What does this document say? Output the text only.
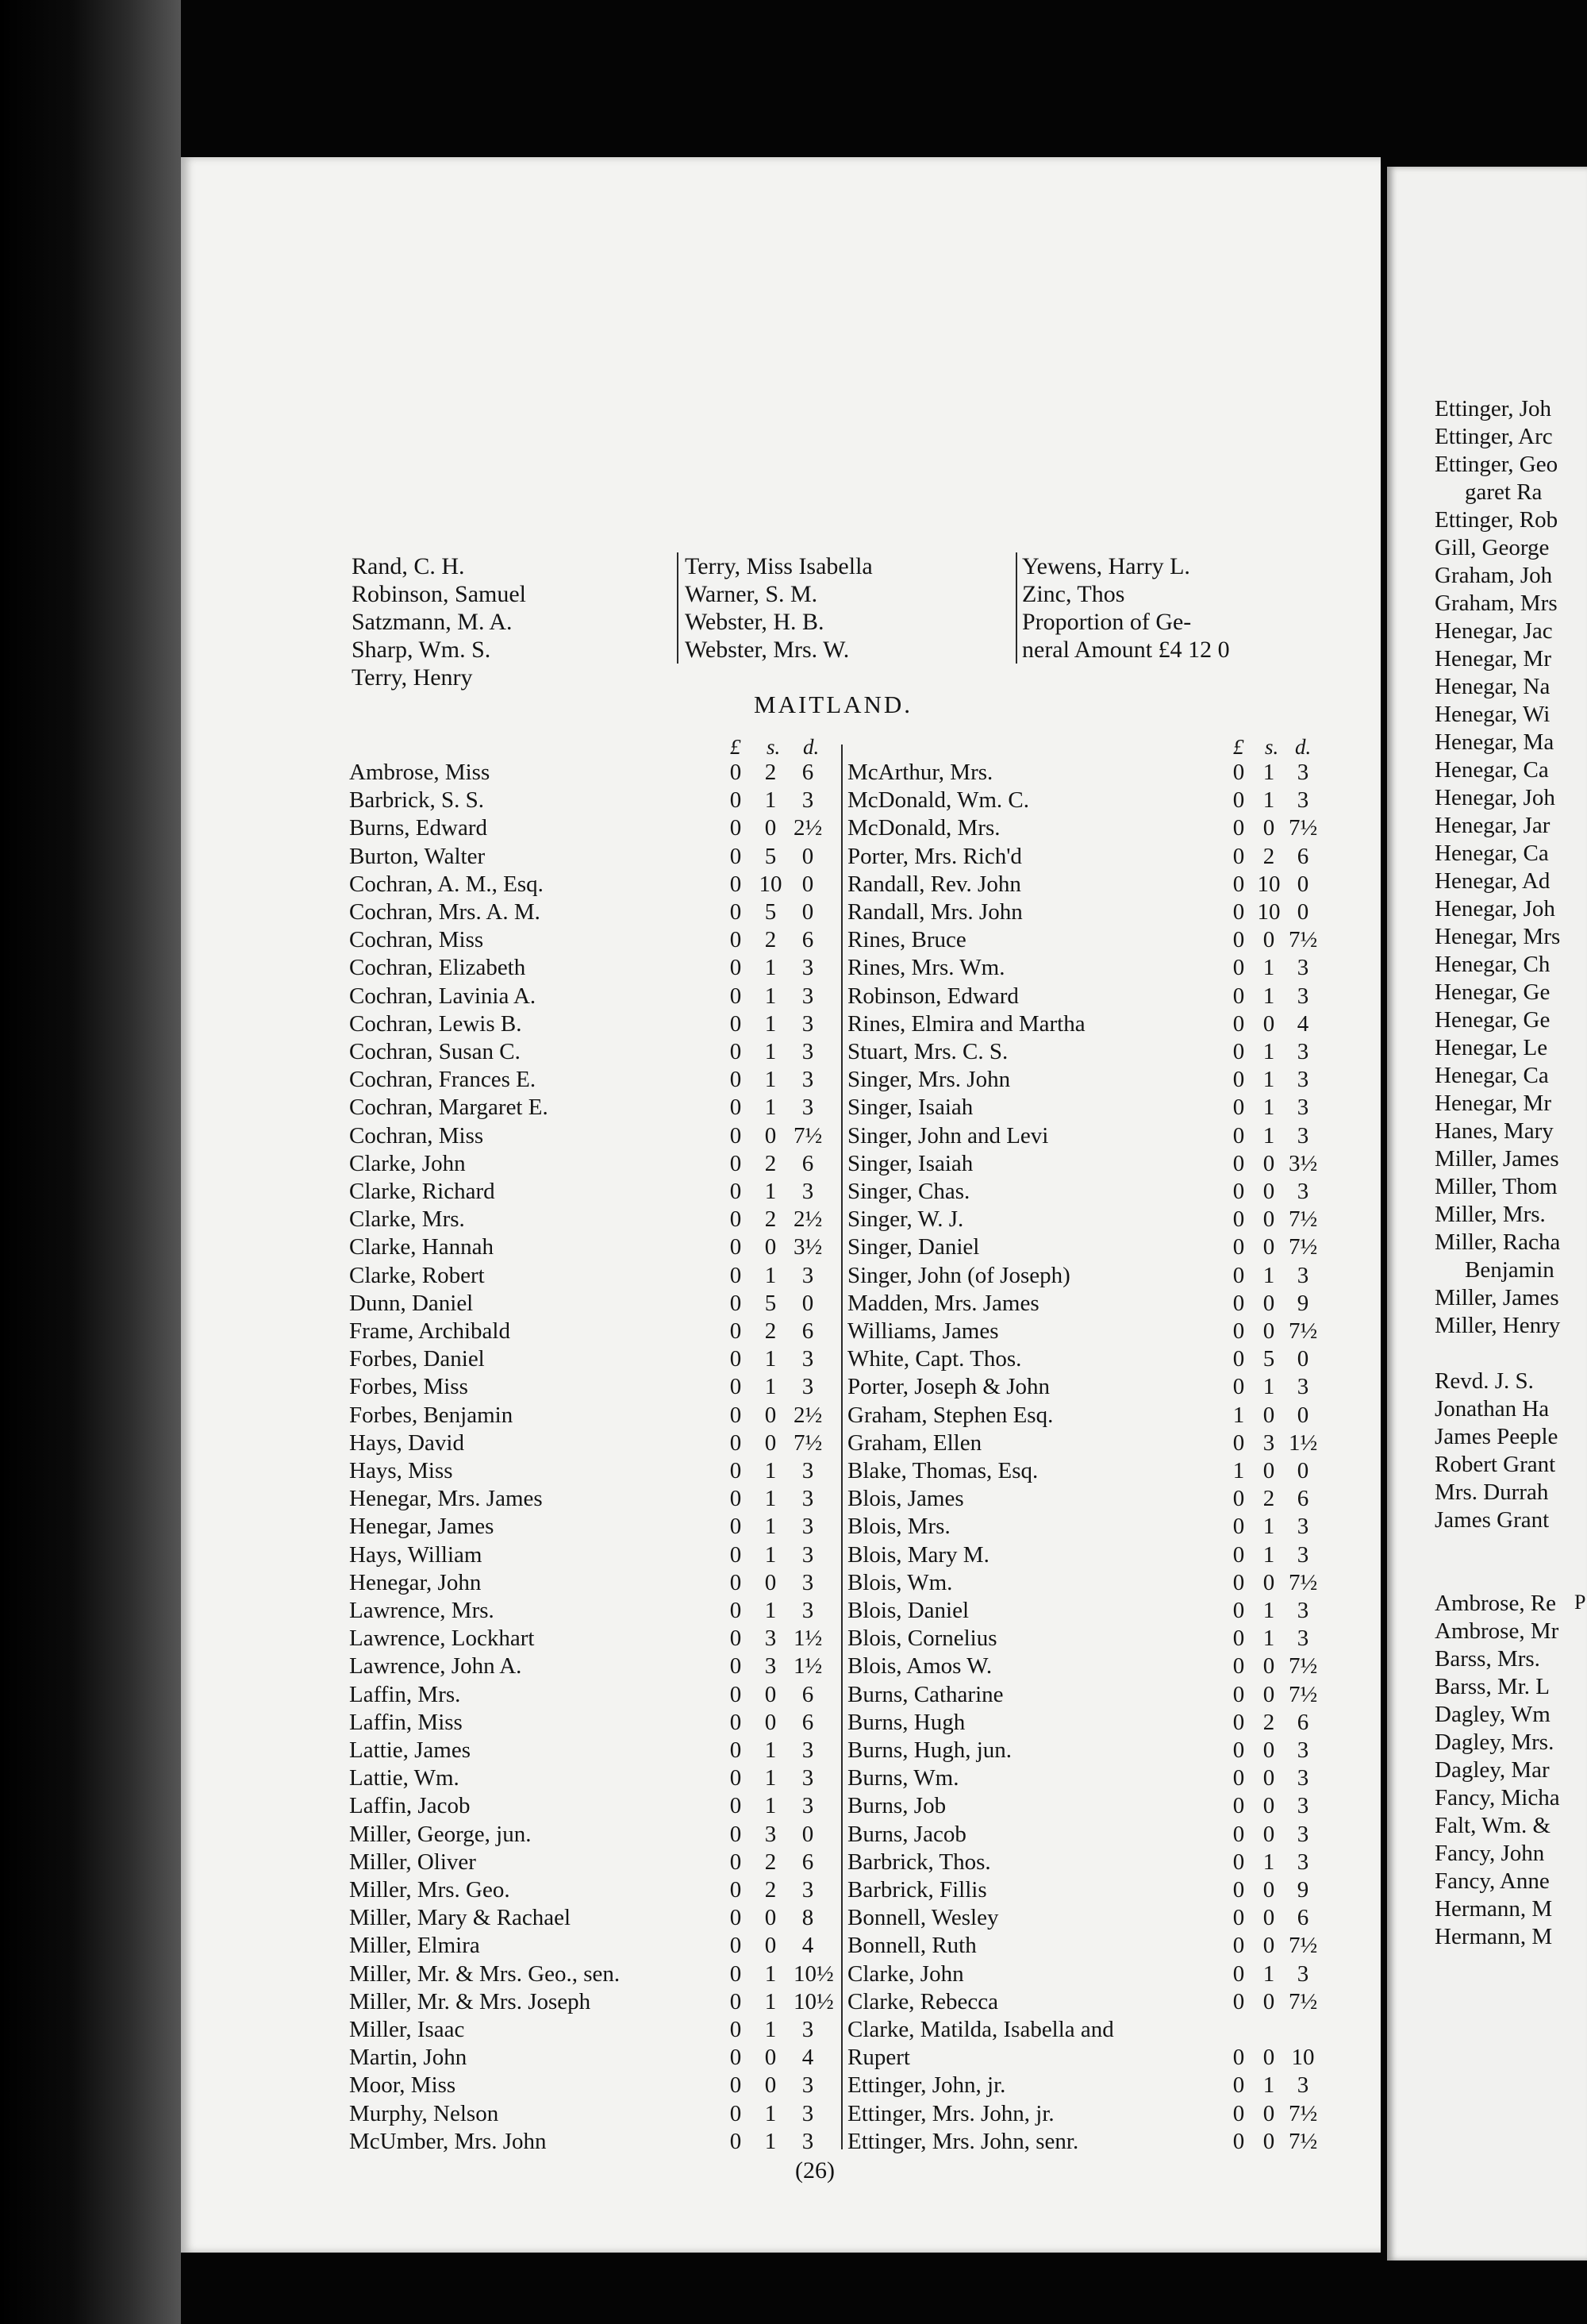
Rand, C. H.
Robinson, Samuel
Satzmann, M. A.
Sharp, Wm. S.
Terry, Henry
Terry, Miss Isabella
Warner, S. M.
Webster, H. B.
Webster, Mrs. W.
Yewens, Harry L.
Zinc, Thos
Proportion of Ge-
neral Amount £4 12 0
MAITLAND.
£ s. d.	£ s. d.
Ambrose, Miss	0 2	6
Barbrick, S. S.	0 1	3
Burns, Edward	0 0 2½
Burton, Walter	0 5	0
Cochran, A. M., Esq.	0 10 0
Cochran, Mrs. A. M.	0 5	0
Cochran, Miss	0 2	6
Cochran, Elizabeth	0 1	3
Cochran, Lavinia A.	0 1	3
Cochran, Lewis B.	0 1	3
Cochran, Susan C.	0 1	3
Cochran, Frances E.	0 1	3
Cochran, Margaret E.	0 1	3
Cochran, Miss	0 0 7½
Clarke, John	0 2	6
Clarke, Richard	0 1	3
Clarke, Mrs.	0 2 2½
Clarke, Hannah	0 0 3½
Clarke, Robert	0 1	3
Dunn, Daniel	0 5	0
Frame, Archibald	0 2	6
Forbes, Daniel	0 1	3
Forbes, Miss	0 1	3
Forbes, Benjamin	0 0 2½
Hays, David	0 0 7½
Hays, Miss	0 1	3
Henegar, Mrs. James	0 1	3
Henegar, James	0 1	3
Hays, William	0 1	3
Henegar, John	0 0	3
Lawrence, Mrs.	0 1	3
Lawrence, Lockhart	0 3 1½
Lawrence, John A.	0 3 1½
Laffin, Mrs.	0 0	6
Laffin, Miss	0 0	6
Lattie, James	0 1	3
Lattie, Wm.	0 1	3
Laffin, Jacob	0 1	3
Miller, George, jun.	0 3	0
Miller, Oliver	0 2	6
Miller, Mrs. Geo.	0 2	3
Miller, Mary & Rachael	0 0	8
Miller, Elmira	0 0	4
Miller, Mr. & Mrs. Geo., sen.	0 1 10½
Miller, Mr. & Mrs. Joseph	0 1 10½
Miller, Isaac	0 1	3
Martin, John	0 0	4
Moor, Miss	0 0	3
Murphy, Nelson	0 1	3
McUmber, Mrs. John	0 1	3
McArthur, Mrs.	0 1 3
McDonald, Wm. C.	0 1 3
McDonald, Mrs.	0 0 7½
Porter, Mrs. Rich'd	0 2 6
Randall, Rev. John	0 10 0
Randall, Mrs. John	0 10 0
Rines, Bruce	0 0 7½
Rines, Mrs. Wm.	0 1 3
Robinson, Edward	0 1 3
Rines, Elmira and Martha	0 0 4
Stuart, Mrs. C. S.	0 1 3
Singer, Mrs. John	0 1 3
Singer, Isaiah	0 1 3
Singer, John and Levi	0 1 3
Singer, Isaiah	0 0 3½
Singer, Chas.	0 0 3
Singer, W. J.	0 0 7½
Singer, Daniel	0 0 7½
Singer, John (of Joseph)	0 1 3
Madden, Mrs. James	0 0 9
Williams, James	0 0 7½
White, Capt. Thos.	0 5 0
Porter, Joseph & John	0 1 3
Graham, Stephen Esq.	1 0 0
Graham, Ellen	0 3 1½
Blake, Thomas, Esq.	1 0 0
Blois, James	0 2 6
Blois, Mrs.	0 1 3
Blois, Mary M.	0 1 3
Blois, Wm.	0 0 7½
Blois, Daniel	0 1 3
Blois, Cornelius	0 1 3
Blois, Amos W.	0 0 7½
Burns, Catharine	0 0 7½
Burns, Hugh	0 2 6
Burns, Hugh, jun.	0 0 3
Burns, Wm.	0 0 3
Burns, Job	0 0 3
Burns, Jacob	0 0 3
Barbrick, Thos.	0 1 3
Barbrick, Fillis	0 0 9
Bonnell, Wesley	0 0 6
Bonnell, Ruth	0 0 7½
Clarke, John	0 1 3
Clarke, Rebecca	0 0 7½
Clarke, Matilda, Isabella and
Rupert	0 0 10
Ettinger, John, jr.	0 1 3
Ettinger, Mrs. John, jr.	0 0 7½
Ettinger, Mrs. John, senr.	0 0 7½
(26)
Ettinger, Joh
Ettinger, Arc
Ettinger, Geo
garet Ra
Ettinger, Rob
Gill, George
Graham, Joh
Graham, Mrs
Henegar, Jac
Henegar, Mr
Henegar, Na
Henegar, Wi
Henegar, Ma
Henegar, Ca
Henegar, Joh
Henegar, Jar
Henegar, Ca
Henegar, Ad
Henegar, Joh
Henegar, Mrs
Henegar, Ch
Henegar, Ge
Henegar, Ge
Henegar, Le
Henegar, Ca
Henegar, Mr
Hanes, Mary
Miller, James
Miller, Thom
Miller, Mrs.
Miller, Racha
Benjamin
Miller, James
Miller, Henry
Revd. J. S.
Jonathan Ha
James Peeple
Robert Grant
Mrs. Durrah
James Grant
Ambrose, Re
Ambrose, Mr
Barss, Mrs.
Barss, Mr. L
Dagley, Wm
Dagley, Mrs.
Dagley, Mar
Fancy, Micha
Falt, Wm. &
Fancy, John
Fancy, Anne
Hermann, M
Hermann, M
P
